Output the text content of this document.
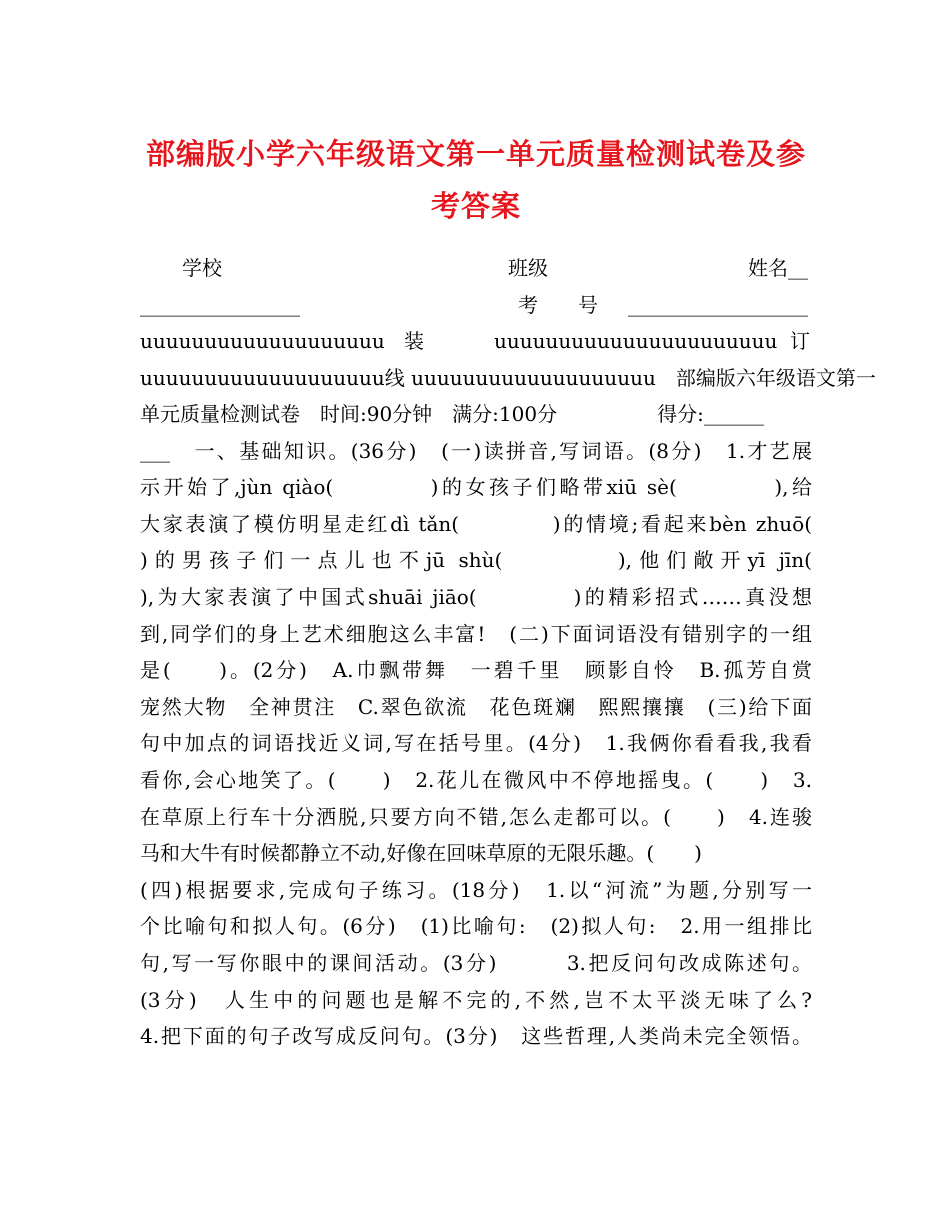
部编版小学六年级语文第一单元质量检测试卷及参考答案

学校

	班级

	姓名__

________________

	考　　号

__________________

uuuuuuuuuuuuuuuuuuu

装

	uuuuuuuuuuuuuuuuuuuuuu

订

uuuuuuuuuuuuuuuuuuu线 uuuuuuuuuuuuuuuuuuu　部编版六年级语文第一
单元质量检测试卷　时间:90分钟　满分:100分　　　　　得分:______
___　一、基础知识。(36分)　(一)读拼音,写词语。(8分)　1.才艺展
示开始了,jùn qiào(　　　　)的女孩子们略带xiū sè(　　　　),给
大家表演了模仿明星走红dì tǎn(　　　　)的情境;看起来bèn zhuō(
)的男孩子们一点儿也不jū shù(　　　　),他们敞开yī jīn(
),为大家表演了中国式shuāi jiāo(　　　　)的精彩招式……真没想
到,同学们的身上艺术细胞这么丰富!　(二)下面词语没有错别字的一组
是(　　)。(2分)　A.巾飘带舞　一碧千里　顾影自怜　B.孤芳自赏
宠然大物　全神贯注　C.翠色欲流　花色斑斓　熙熙攘攘　(三)给下面
句中加点的词语找近义词,写在括号里。(4分)　1.我俩你看看我,我看
看你,会心地笑了。(　　)　2.花儿在微风中不停地摇曳。(　　)　3.
在草原上行车十分洒脱,只要方向不错,怎么走都可以。(　　)　4.连骏
马和大牛有时候都静立不动,好像在回味草原的无限乐趣。(　　)
(四)根据要求,完成句子练习。(18分)　1.以“河流”为题,分别写一
个比喻句和拟人句。(6分)　(1)比喻句:　(2)拟人句:　2.用一组排比
句,写一写你眼中的课间活动。(3分)　　　3.把反问句改成陈述句。
(3分)　人生中的问题也是解不完的,不然,岂不太平淡无味了么?
4.把下面的句子改写成反问句。(3分)　这些哲理,人类尚未完全领悟。
